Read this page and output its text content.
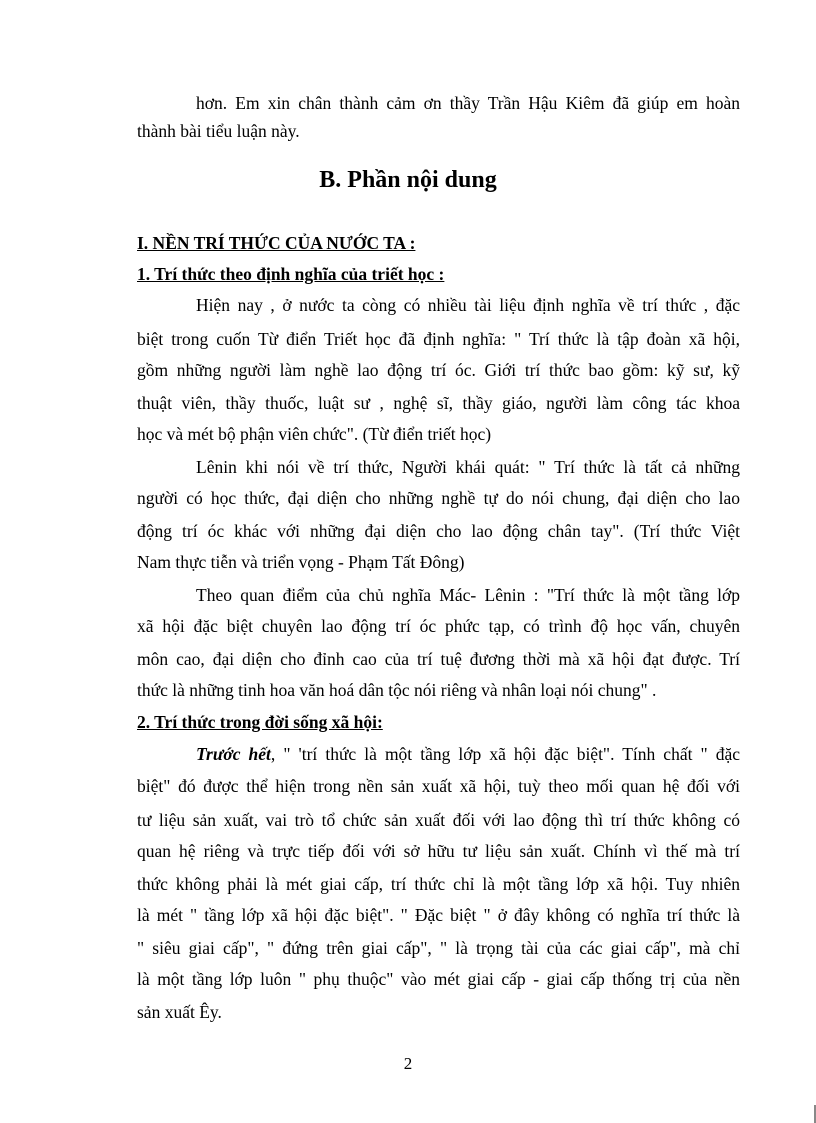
hơn. Em xin chân thành cảm ơn thầy Trần Hậu Kiêm đã giúp em hoàn
thành bài tiểu luận này.
B. Phần nội dung
I. NỀN TRÍ THỨC CỦA NƯỚC TA :
1. Trí thức theo định nghĩa của triết học :
Hiện nay , ở nước ta còng có nhiều tài liệu định nghĩa về trí thức , đặc
biệt trong cuốn Từ điển Triết học đã định nghĩa: " Trí thức là tập đoàn xã hội,
gồm những người làm nghề lao động trí óc. Giới trí thức bao gồm: kỹ sư, kỹ
thuật viên, thầy thuốc, luật sư , nghệ sĩ, thầy giáo, người làm công tác khoa
học và mét bộ phận viên chức". (Từ điển triết học)
Lênin khi nói về trí thức, Người khái quát: " Trí thức là tất cả những
người có học thức, đại diện cho những nghề tự do nói chung, đại diện cho lao
động trí óc khác với những đại diện cho lao động chân tay". (Trí thức Việt
Nam thực tiễn và triển vọng - Phạm Tất Đông)
Theo quan điểm của chủ nghĩa Mác- Lênin : "Trí thức là một tầng lớp
xã hội đặc biệt chuyên lao động trí óc phức tạp, có trình độ học vấn, chuyên
môn cao, đại diện cho đỉnh cao của trí tuệ đương thời mà xã hội đạt được. Trí
thức là những tinh hoa văn hoá dân tộc nói riêng và nhân loại nói chung" .
2. Trí thức trong đời sống xã hội:
Trước hết, " 'trí thức là một tầng lớp xã hội đặc biệt". Tính chất " đặc
biệt" đó được thể hiện trong nền sản xuất xã hội, tuỳ theo mối quan hệ đối với
tư liệu sản xuất, vai trò tổ chức sản xuất đối với lao động thì trí thức không có
quan hệ riêng và trực tiếp đối với sở hữu tư liệu sản xuất. Chính vì thế mà trí
thức không phải là mét giai cấp, trí thức chỉ là một tầng lớp xã hội. Tuy nhiên
là mét " tầng lớp xã hội đặc biệt". " Đặc biệt " ở đây không có nghĩa trí thức là
" siêu giai cấp", " đứng trên giai cấp", " là trọng tài của các giai cấp", mà chỉ
là một tầng lớp luôn " phụ thuộc" vào mét giai cấp - giai cấp thống trị của nền
sản xuất Êy.
2
